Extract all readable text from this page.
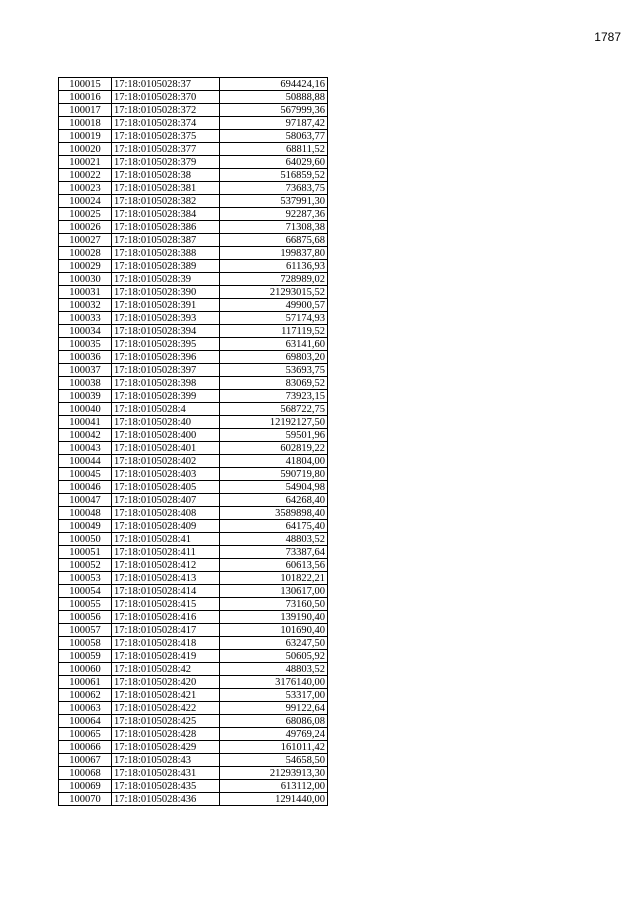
1787
100015	17:18:0105028:37	694424,16
100016	17:18:0105028:370	50888,88
100017	17:18:0105028:372	567999,36
100018	17:18:0105028:374	97187,42
100019	17:18:0105028:375	58063,77
100020	17:18:0105028:377	68811,52
100021	17:18:0105028:379	64029,60
100022	17:18:0105028:38	516859,52
100023	17:18:0105028:381	73683,75
100024	17:18:0105028:382	537991,30
100025	17:18:0105028:384	92287,36
100026	17:18:0105028:386	71308,38
100027	17:18:0105028:387	66875,68
100028	17:18:0105028:388	199837,80
100029	17:18:0105028:389	61136,93
100030	17:18:0105028:39	728989,02
100031	17:18:0105028:390	21293015,52
100032	17:18:0105028:391	49900,57
100033	17:18:0105028:393	57174,93
100034	17:18:0105028:394	117119,52
100035	17:18:0105028:395	63141,60
100036	17:18:0105028:396	69803,20
100037	17:18:0105028:397	53693,75
100038	17:18:0105028:398	83069,52
100039	17:18:0105028:399	73923,15
100040	17:18:0105028:4	568722,75
100041	17:18:0105028:40	12192127,50
100042	17:18:0105028:400	59501,96
100043	17:18:0105028:401	602819,22
100044	17:18:0105028:402	41804,00
100045	17:18:0105028:403	590719,80
100046	17:18:0105028:405	54904,98
100047	17:18:0105028:407	64268,40
100048	17:18:0105028:408	3589898,40
100049	17:18:0105028:409	64175,40
100050	17:18:0105028:41	48803,52
100051	17:18:0105028:411	73387,64
100052	17:18:0105028:412	60613,56
100053	17:18:0105028:413	101822,21
100054	17:18:0105028:414	130617,00
100055	17:18:0105028:415	73160,50
100056	17:18:0105028:416	139190,40
100057	17:18:0105028:417	101690,40
100058	17:18:0105028:418	63247,50
100059	17:18:0105028:419	50605,92
100060	17:18:0105028:42	48803,52
100061	17:18:0105028:420	3176140,00
100062	17:18:0105028:421	53317,00
100063	17:18:0105028:422	99122,64
100064	17:18:0105028:425	68086,08
100065	17:18:0105028:428	49769,24
100066	17:18:0105028:429	161011,42
100067	17:18:0105028:43	54658,50
100068	17:18:0105028:431	21293913,30
100069	17:18:0105028:435	613112,00
100070	17:18:0105028:436	1291440,00
